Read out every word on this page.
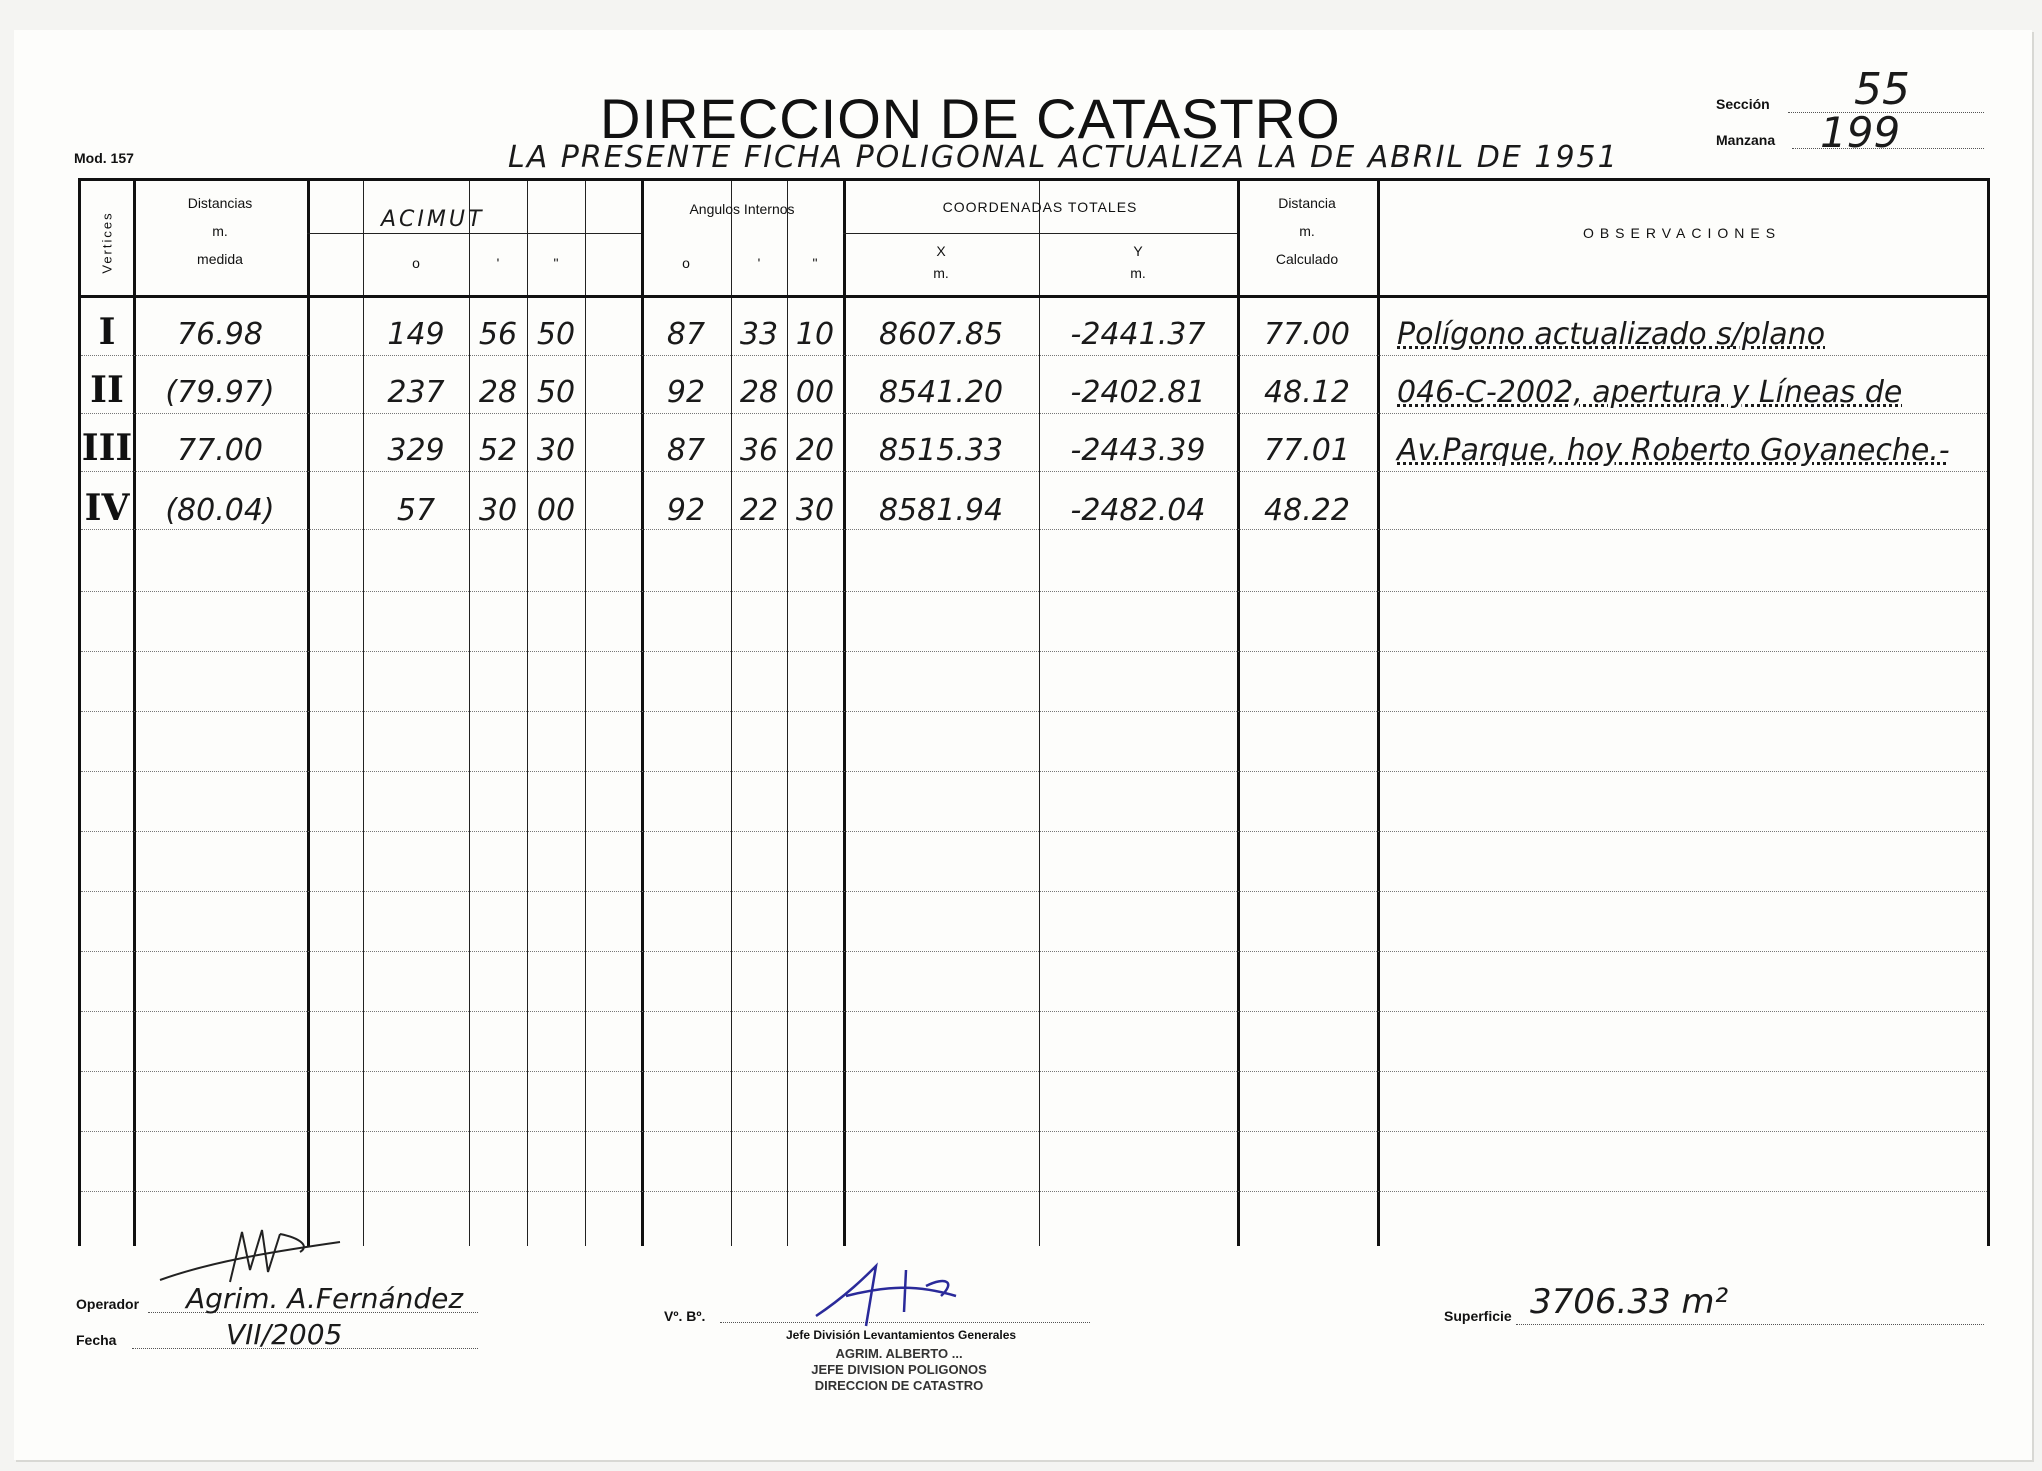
DIRECCION DE CATASTRO
LA PRESENTE FICHA POLIGONAL ACTUALIZA LA DE ABRIL DE 1951
Mod. 157
Sección 55
Manzana 199
Vertices
Distancias
m.
medida
ACIMUT
o	'	"
Angulos Internos
o	'	"
COORDENADAS TOTALES
X
m.
Y
m.
Distancia
m.
Calculado
OBSERVACIONES
I	76.98	149	56 50	87	33 10	8607.85	-2441.37	77.00	Polígono actualizado s/plano
II	(79.97)	237	28 50	92	28 00	8541.20	-2402.81	48.12	046-C-2002, apertura y Líneas de
III	77.00	329	52 30	87	36 20	8515.33	-2443.39	77.01	Av.Parque, hoy Roberto Goyaneche.-
IV	(80.04)	57	30 00	92	22 30	8581.94	-2482.04	48.22
Operador Agrim. A.Fernández
Fecha	VII/2005
Vº. Bº.
Jefe División Levantamientos Generales
AGRIM. ALBERTO ...
JEFE DIVISION POLIGONOS
DIRECCION DE CATASTRO
Superficie 3706.33 m²
